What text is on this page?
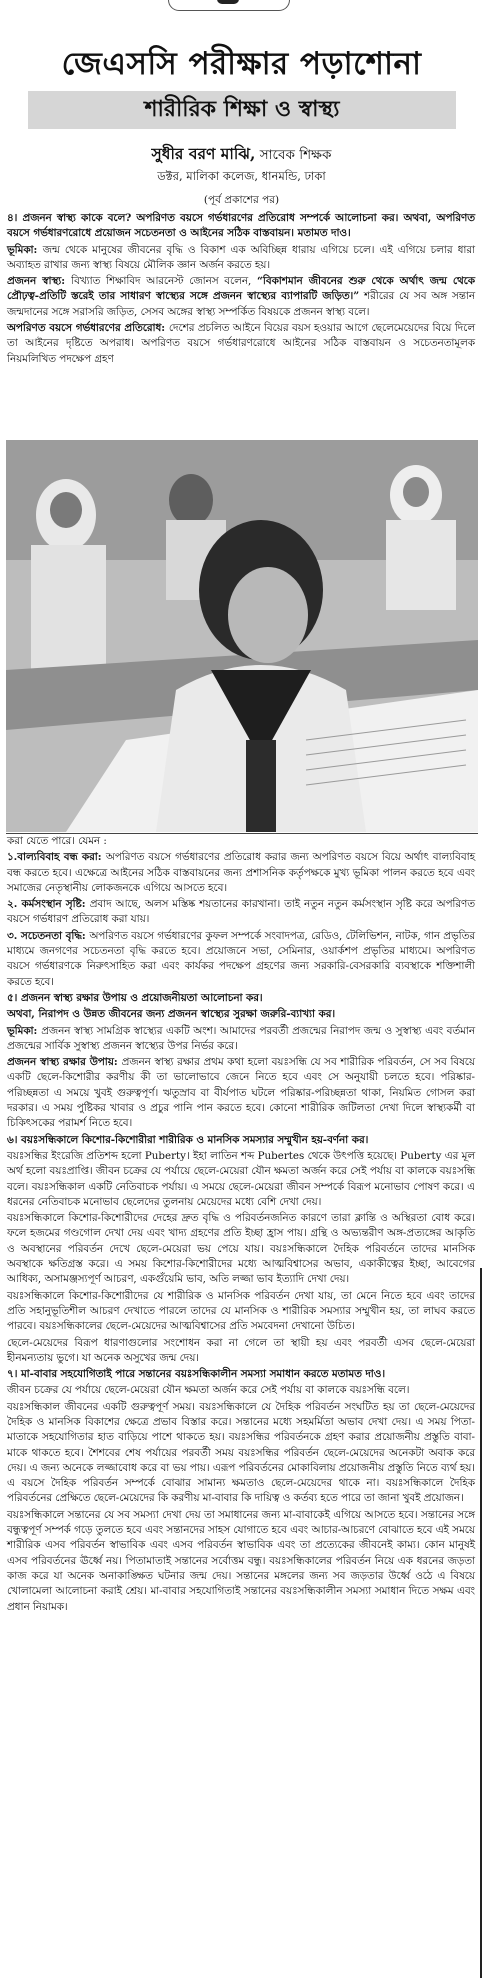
জেএসসি পরীক্ষার পড়াশোনা
শারীরিক শিক্ষা ও স্বাস্থ্য
সুধীর বরণ মাঝি, সাবেক শিক্ষক
ডক্টর, মালিকা কলেজ, ধানমন্ডি, ঢাকা
(পূর্ব প্রকাশের পর)

৪। প্রজনন স্বাস্থ্য কাকে বলে? অপরিণত বয়সে গর্ভধারণের প্রতিরোধ সম্পর্কে আলোচনা কর। অথবা, অপরিণত বয়সে গর্ভধারণরোধে প্রয়োজন সচেতনতা ও আইনের সঠিক বাস্তবায়ন। মতামত দাও।

ভূমিকা: জন্ম থেকে মানুষের জীবনের বৃদ্ধি ও বিকাশ এক অবিচ্ছিন্ন ধারায় এগিয়ে চলে। এই এগিয়ে চলার ধারা অব্যাহত রাখার জন্য স্বাস্থ্য বিষয়ে মৌলিক জ্ঞান অর্জন করতে হয়।

প্রজনন স্বাস্থ্য: বিখ্যাত শিক্ষাবিদ আরনেস্ট জোনস বলেন, “বিকাশমান জীবনের শুরু থেকে অর্থাৎ জন্ম থেকে প্রৌঢ়ত্ব-প্রতিটি স্তরেই তার সাধারণ স্বাস্থ্যের সঙ্গে প্রজনন স্বাস্থ্যের ব্যাপারটি জড়িত।” শরীরের যে সব অঙ্গ সন্তান জন্মদানের সঙ্গে সরাসরি জড়িত, সেসব অঙ্গের স্বাস্থ্য সম্পর্কিত বিষয়কে প্রজনন স্বাস্থ্য বলে।

অপরিণত বয়সে গর্ভধারণের প্রতিরোধ: দেশের প্রচলিত আইনে বিয়ের বয়স হওয়ার আগে ছেলেমেয়েদের বিয়ে দিলে তা আইনের দৃষ্টিতে অপরাধ। অপরিণত বয়সে গর্ভধারণরোধে আইনের সঠিক বাস্তবায়ন ও সচেতনতামূলক নিয়মলিখিত পদক্ষেপ গ্রহণ

করা যেতে পারে। যেমন :

১.বাল্যবিবাহ বন্ধ করা: অপরিণত বয়সে গর্ভধারণের প্রতিরোধ করার জন্য অপরিণত বয়সে বিয়ে অর্থাৎ বাল্যবিবাহ বন্ধ করতে হবে। এক্ষেত্রে আইনের সঠিক বাস্তবায়নের জন্য প্রশাসনিক কর্তৃপক্ষকে মুখ্য ভূমিকা পালন করতে হবে এবং সমাজের নেতৃস্থানীয় লোকজনকে এগিয়ে আসতে হবে।

২. কর্মসংস্থান সৃষ্টি: প্রবাদ আছে, অলস মস্তিষ্ক শয়তানের কারখানা। তাই নতুন নতুন কর্মসংস্থান সৃষ্টি করে অপরিণত বয়সে গর্ভধারণ প্রতিরোধ করা যায়।

৩. সচেতনতা বৃদ্ধি: অপরিণত বয়সে গর্ভধারণের কুফল সম্পর্কে সংবাদপত্র, রেডিও, টেলিভিশন, নাটক, গান প্রভৃতির মাধ্যমে জনগণের সচেতনতা বৃদ্ধি করতে হবে। প্রয়োজনে সভা, সেমিনার, ওয়ার্কশপ প্রভৃতির মাধ্যমে। অপরিণত বয়সে গর্ভধারণকে নিরুৎসাহিত করা এবং কার্যকর পদক্ষেপ গ্রহণের জন্য সরকারি-বেসরকারি ব্যবস্থাকে শক্তিশালী করতে হবে।

৫। প্রজনন স্বাস্থ্য রক্ষার উপায় ও প্রয়োজনীয়তা আলোচনা কর।

অথবা, নিরাপদ ও উন্নত জীবনের জন্য প্রজনন স্বাস্থ্যের সুরক্ষা জরুরি-ব্যাখ্যা কর।

ভূমিকা: প্রজনন স্বাস্থ্য সামগ্রিক স্বাস্থ্যের একটি অংশ। আমাদের পরবর্তী প্রজন্মের নিরাপদ জন্ম ও সুস্বাস্থ্য এবং বর্তমান প্রজন্মের সার্বিক সুস্বাস্থ্য প্রজনন স্বাস্থ্যের উপর নির্ভর করে।

প্রজনন স্বাস্থ্য রক্ষার উপায়: প্রজনন স্বাস্থ্য রক্ষার প্রথম কথা হলো বয়ঃসন্ধি যে সব শারীরিক পরিবর্তন, সে সব বিষয়ে একটি ছেলে-কিশোরীর করণীয় কী তা ভালোভাবে জেনে নিতে হবে এবং সে অনুযায়ী চলতে হবে। পরিষ্কার-পরিচ্ছন্নতা এ সময়ে খুবই গুরুত্বপূর্ণ। ঋতুস্রাব বা বীর্যপাত ঘটলে পরিষ্কার-পরিচ্ছন্নতা থাকা, নিয়মিত গোসল করা দরকার। এ সময় পুষ্টিকর খাবার ও প্রচুর পানি পান করতে হবে। কোনো শারীরিক জটিলতা দেখা দিলে স্বাস্থ্যকর্মী বা চিকিৎসকের পরামর্শ নিতে হবে।

৬। বয়ঃসন্ধিকালে কিশোর-কিশোরীরা শারীরিক ও মানসিক সমস্যার সম্মুখীন হয়-বর্ণনা কর।

বয়ঃসন্ধির ইংরেজি প্রতিশব্দ হলো Puberty। ইহা লাতিন শব্দ Pubertes থেকে উৎপত্তি হয়েছে। Puberty এর মূল অর্থ হলো বয়ঃপ্রাপ্তি। জীবন চক্রের যে পর্যায়ে ছেলে-মেয়েরা যৌন ক্ষমতা অর্জন করে সেই পর্যায় বা কালকে বয়ঃসন্ধি বলে। বয়ঃসন্ধিকাল একটি নেতিবাচক পর্যায়। এ সময়ে ছেলে-মেয়েরা জীবন সম্পর্কে বিরূপ মনোভাব পোষণ করে। এ ধরনের নেতিবাচক মনোভাব ছেলেদের তুলনায় মেয়েদের মধ্যে বেশি দেখা দেয়।

বয়ঃসন্ধিকালে কিশোর-কিশোরীদের দেহের দ্রুত বৃদ্ধি ও পরিবর্তনজনিত কারণে তারা ক্লান্তি ও অস্থিরতা বোধ করে। ফলে হজমের গণ্ডগোল দেখা দেয় এবং খাদ্য গ্রহণের প্রতি ইচ্ছা হ্রাস পায়। গ্রন্থি ও অভ্যন্তরীণ অঙ্গ-প্রত্যঙ্গের আকৃতি ও অবস্থানের পরিবর্তন দেখে ছেলে-মেয়েরা ভয় পেয়ে যায়। বয়ঃসন্ধিকালে দৈহিক পরিবর্তনে তাদের মানসিক অবস্থাকে ক্ষতিগ্রস্ত করে। এ সময় কিশোর-কিশোরীদের মধ্যে আত্মবিশ্বাসের অভাব, একাকীত্বের ইচ্ছা, আবেগের আধিক্য, অসামঞ্জস্যপূর্ণ আচরণ, একগুঁয়েমি ভাব, অতি লজ্জা ভাব ইত্যাদি দেখা দেয়।

বয়ঃসন্ধিকালে কিশোর-কিশোরীদের যে শারীরিক ও মানসিক পরিবর্তন দেখা যায়, তা মেনে নিতে হবে এবং তাদের প্রতি সহানুভূতিশীল আচরণ দেখাতে পারলে তাদের যে মানসিক ও শারীরিক সমস্যার সম্মুখীন হয়, তা লাঘব করতে পারবে। বয়ঃসন্ধিকালের ছেলে-মেয়েদের আত্মবিশ্বাসের প্রতি সমবেদনা দেখানো উচিত।

ছেলে-মেয়েদের বিরূপ ধারণাগুলোর সংশোধন করা না গেলে তা স্থায়ী হয় এবং পরবর্তী এসব ছেলে-মেয়েরা হীনমন্যতায় ভুগে। যা অনেক অসুখের জন্ম দেয়।

৭। মা-বাবার সহযোগিতাই পারে সন্তানের বয়ঃসন্ধিকালীন সমস্যা সমাধান করতে মতামত দাও।

জীবন চক্রের যে পর্যায়ে ছেলে-মেয়েরা যৌন ক্ষমতা অর্জন করে সেই পর্যায় বা কালকে বয়ঃসন্ধি বলে।

বয়ঃসন্ধিকাল জীবনের একটি গুরুত্বপূর্ণ সময়। বয়ঃসন্ধিকালে যে দৈহিক পরিবর্তন সংঘটিত হয় তা ছেলে-মেয়েদের দৈহিক ও মানসিক বিকাশের ক্ষেত্রে প্রভাব বিস্তার করে। সন্তানের মধ্যে সহমর্মিতা অভাব দেখা দেয়। এ সময় পিতা-মাতাকে সহযোগিতার হাত বাড়িয়ে পাশে থাকতে হয়। বয়ঃসন্ধির পরিবর্তনকে গ্রহণ করার প্রয়োজনীয় প্রস্তুতি বাবা-মাকে থাকতে হবে। শৈশবের শেষ পর্যায়ের পরবর্তী সময় বয়ঃসন্ধির পরিবর্তন ছেলে-মেয়েদের অনেকটা অবাক করে দেয়। এ জন্য অনেকে লজ্জাবোধ করে বা ভয় পায়। এরূপ পরিবর্তনের মোকাবিলায় প্রয়োজনীয় প্রস্তুতি নিতে ব্যর্থ হয়। এ বয়সে দৈহিক পরিবর্তন সম্পর্কে বোঝার সামান্য ক্ষমতাও ছেলে-মেয়েদের থাকে না। বয়ঃসন্ধিকালে দৈহিক পরিবর্তনের প্রেক্ষিতে ছেলে-মেয়েদের কি করণীয় মা-বাবার কি দায়িত্ব ও কর্তব্য হতে পারে তা জানা খুবই প্রয়োজন।

বয়ঃসন্ধিকালে সন্তানের যে সব সমস্যা দেখা দেয় তা সমাধানের জন্য মা-বাবাকেই এগিয়ে আসতে হবে। সন্তানের সঙ্গে বন্ধুত্বপূর্ণ সম্পর্ক গড়ে তুলতে হবে এবং সন্তানদের সাহস যোগাতে হবে এবং আচার-আচরণে বোঝাতে হবে এই সময়ে শারীরিক এসব পরিবর্তন স্বাভাবিক এবং এসব পরিবর্তন স্বাভাবিক এবং তা প্রত্যেকের জীবনেই কাম্য। কোন মানুষই এসব পরিবর্তনের ঊর্ধ্বে নয়। পিতামাতাই সন্তানের সর্বোত্তম বন্ধু। বয়ঃসন্ধিকালের পরিবর্তন নিয়ে এক ধরনের জড়তা কাজ করে যা অনেক অনাকাঙ্ক্ষিত ঘটনার জন্ম দেয়। সন্তানের মঙ্গলের জন্য সব জড়তার উর্ধ্বে ওঠে এ বিষয়ে খোলামেলা আলোচনা করাই শ্রেয়। মা-বাবার সহযোগিতাই সন্তানের বয়ঃসন্ধিকালীন সমস্যা সমাধান দিতে সক্ষম এবং প্রধান নিয়ামক।
